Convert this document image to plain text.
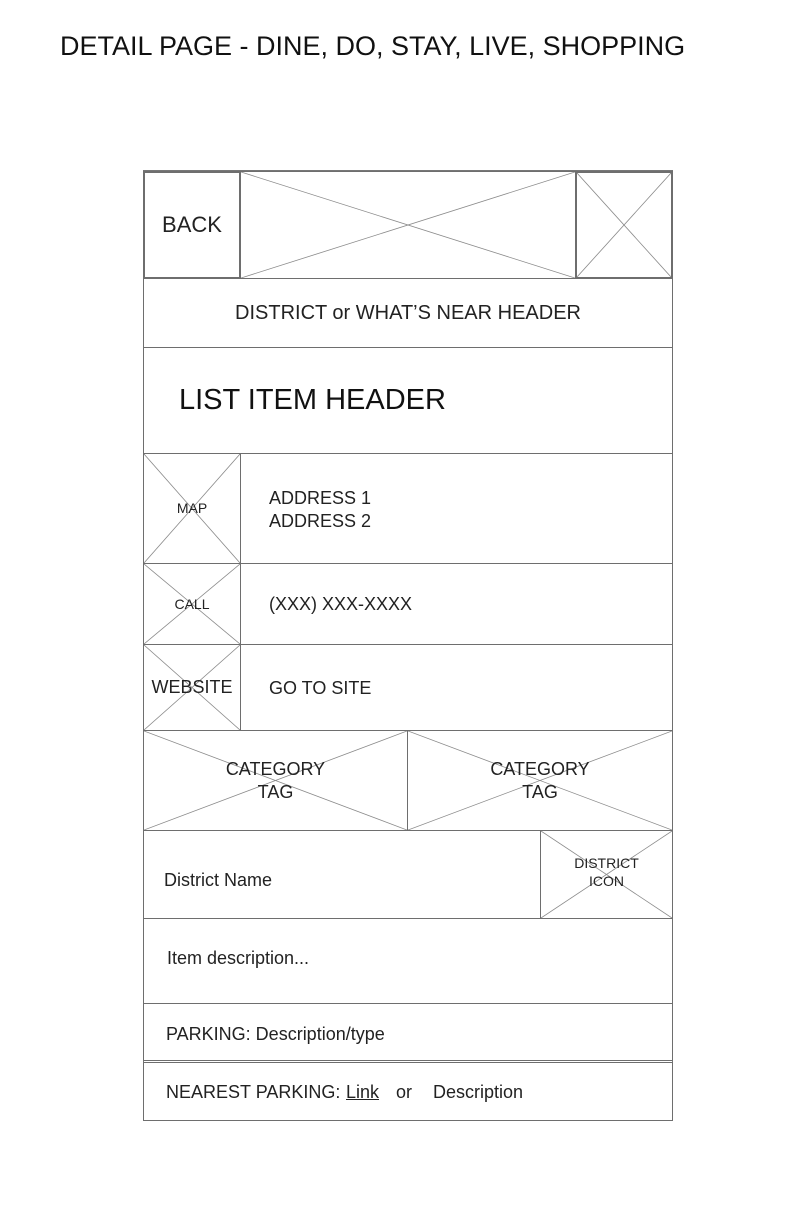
DETAIL PAGE - DINE, DO, STAY, LIVE, SHOPPING
BACK
DISTRICT or WHAT’S NEAR HEADER
LIST ITEM HEADER
MAP	ADDRESS 1
ADDRESS 2
CALL	(XXX) XXX-XXXX
WEBSITE GO TO SITE
CATEGORY
TAG
CATEGORY
TAG
District Name
DISTRICT
ICON
Item description...
PARKING: Description/type
NEAREST PARKING: Link or Description
